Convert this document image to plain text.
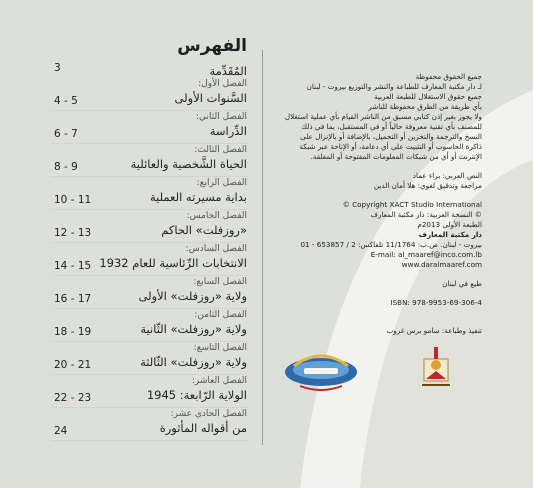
الفهرس
المُقَدِّمة
3
الفصل الأول:
السَّنوات الأولى
4 - 5
الفصل الثاني:
الدِّراسة
6 - 7
الفصل الثالث:
الحياة الشَّخصية والعائلية
8 - 9
الفصل الرابع:
بداية مسيرته العملية
10 - 11
الفصل الخامس:
«روزفلت» الحاكم
12 - 13
الفصل السادس:
الانتخابات الرِّئاسية للعام 1932
14 - 15
الفصل السابع:
ولاية «روزفلت» الأولى
16 - 17
الفصل الثامن:
ولاية «روزفلت» الثّانية
18 - 19
الفصل التاسع:
ولاية «روزفلت» الثّالثة
20 - 21
الفصل العاشر:
الولاية الرّابعة: 1945
22 - 23
الفصل الحادي عشر:
من أقواله المأثورة
24

جميع الحقوق محفوظة

لـ دار مكتبة المعارف للطباعة والنشر والتوزيع بيروت - لبنان

جميع حقوق الاستغلال للطبعة العربية

بأي طريقة من الطرق محفوظة للناشر

ولا يجوز بغير إذن كتابي مسبق من الناشر القيام بأي عملية استغلال

للمصنف بأي تقنية معروفة حالياً أو في المستقبل، بما في ذلك

النسخ والترجمة والتخزين أو التحميل، بالإضافة أو بالإنزال على

ذاكرة الحاسوب أو التثبيت على أي دعامة، أو الإتاحة عبر شبكة

الإنترنت أو أي من شبكات المعلومات المفتوحة أو المغلقة.

النص العربي: براء عماد

مراجعة وتدقيق لغوي: هلا أمان الدين

© Copyright XACT Studio International

© النسخة العربية: دار مكتبة المعارف

الطبعة الأولى 2013م

دار مكتبة المعارف

بيروت - لبنان. ص.ب: 11/1764 تلفاكس: 2 / 653857 - 01

E-mail: al_maaref@inco.com.lb

www.daralmaaref.com

طبع في لبنان

ISBN: 978-9953-69-306-4

تنفيذ وطباعة: سامو برس غروب
